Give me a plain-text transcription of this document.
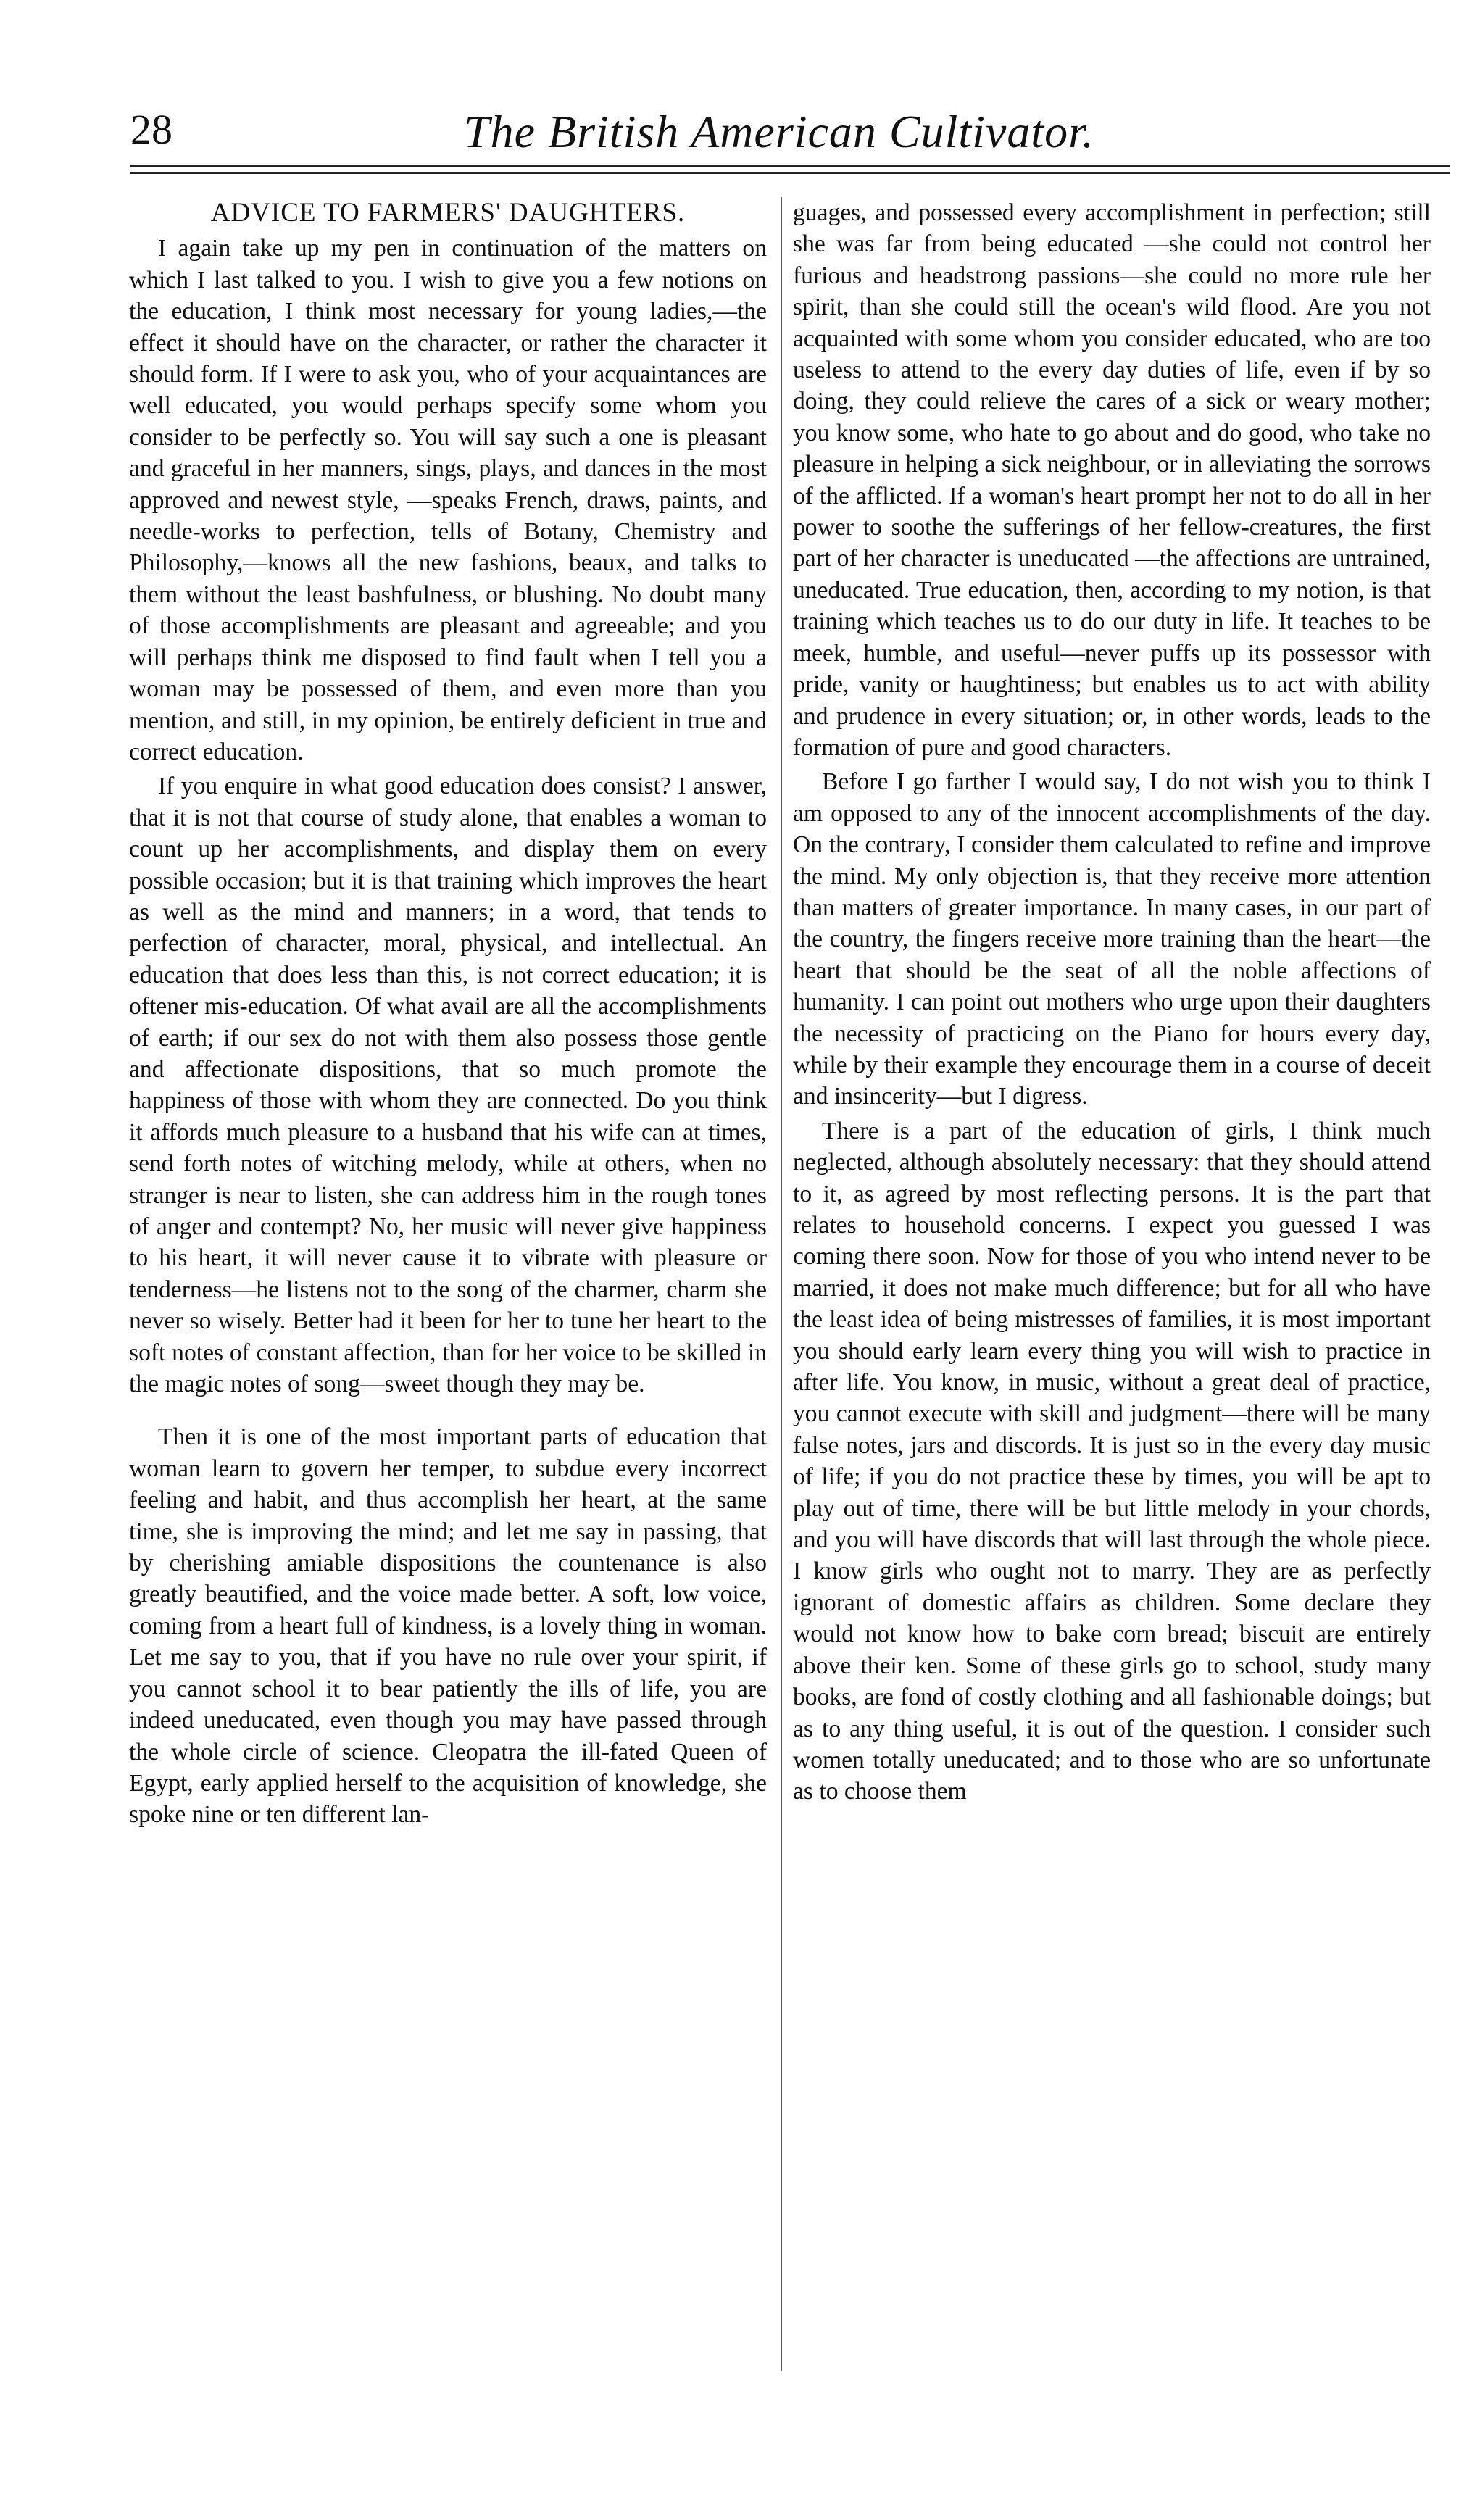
28	The British American Cultivator.
ADVICE TO FARMERS' DAUGHTERS.

I again take up my pen in continuation of the matters on which I last talked to you. I wish to give you a few notions on the education, I think most necessary for young ladies,—the effect it should have on the character, or rather the character it should form. If I were to ask you, who of your acquaintances are well educated, you would perhaps specify some whom you consider to be perfectly so. You will say such a one is pleasant and graceful in her manners, sings, plays, and dances in the most approved and newest style, —speaks French, draws, paints, and needle-works to perfection, tells of Botany, Chemistry and Philosophy,—knows all the new fashions, beaux, and talks to them without the least bashfulness, or blushing. No doubt many of those accomplishments are pleasant and agreeable; and you will perhaps think me disposed to find fault when I tell you a woman may be possessed of them, and even more than you mention, and still, in my opinion, be entirely deficient in true and correct education.

If you enquire in what good education does consist? I answer, that it is not that course of study alone, that enables a woman to count up her accomplishments, and display them on every possible occasion; but it is that training which improves the heart as well as the mind and manners; in a word, that tends to perfection of character, moral, physical, and intellectual. An education that does less than this, is not correct education; it is oftener mis-education. Of what avail are all the accomplishments of earth; if our sex do not with them also possess those gentle and affectionate dispositions, that so much promote the happiness of those with whom they are connected. Do you think it affords much pleasure to a husband that his wife can at times, send forth notes of witching melody, while at others, when no stranger is near to listen, she can address him in the rough tones of anger and contempt? No, her music will never give happiness to his heart, it will never cause it to vibrate with pleasure or tenderness—he listens not to the song of the charmer, charm she never so wisely. Better had it been for her to tune her heart to the soft notes of constant affection, than for her voice to be skilled in the magic notes of song—sweet though they may be.

Then it is one of the most important parts of education that woman learn to govern her temper, to subdue every incorrect feeling and habit, and thus accomplish her heart, at the same time, she is improving the mind; and let me say in passing, that by cherishing amiable dispositions the countenance is also greatly beautified, and the voice made better. A soft, low voice, coming from a heart full of kindness, is a lovely thing in woman. Let me say to you, that if you have no rule over your spirit, if you cannot school it to bear patiently the ills of life, you are indeed uneducated, even though you may have passed through the whole circle of science. Cleopatra the ill-fated Queen of Egypt, early applied herself to the acquisition of knowledge, she spoke nine or ten different lan-

guages, and possessed every accomplishment in perfection; still she was far from being educated —she could not control her furious and headstrong passions—she could no more rule her spirit, than she could still the ocean's wild flood. Are you not acquainted with some whom you consider educated, who are too useless to attend to the every day duties of life, even if by so doing, they could relieve the cares of a sick or weary mother; you know some, who hate to go about and do good, who take no pleasure in helping a sick neighbour, or in alleviating the sorrows of the afflicted. If a woman's heart prompt her not to do all in her power to soothe the sufferings of her fellow-creatures, the first part of her character is uneducated —the affections are untrained, uneducated. True education, then, according to my notion, is that training which teaches us to do our duty in life. It teaches to be meek, humble, and useful—never puffs up its possessor with pride, vanity or haughtiness; but enables us to act with ability and prudence in every situation; or, in other words, leads to the formation of pure and good characters.

Before I go farther I would say, I do not wish you to think I am opposed to any of the innocent accomplishments of the day. On the contrary, I consider them calculated to refine and improve the mind. My only objection is, that they receive more attention than matters of greater importance. In many cases, in our part of the country, the fingers receive more training than the heart—the heart that should be the seat of all the noble affections of humanity. I can point out mothers who urge upon their daughters the necessity of practicing on the Piano for hours every day, while by their example they encourage them in a course of deceit and insincerity—but I digress.

There is a part of the education of girls, I think much neglected, although absolutely necessary: that they should attend to it, as agreed by most reflecting persons. It is the part that relates to household concerns. I expect you guessed I was coming there soon. Now for those of you who intend never to be married, it does not make much difference; but for all who have the least idea of being mistresses of families, it is most important you should early learn every thing you will wish to practice in after life. You know, in music, without a great deal of practice, you cannot execute with skill and judgment—there will be many false notes, jars and discords. It is just so in the every day music of life; if you do not practice these by times, you will be apt to play out of time, there will be but little melody in your chords, and you will have discords that will last through the whole piece. I know girls who ought not to marry. They are as perfectly ignorant of domestic affairs as children. Some declare they would not know how to bake corn bread; biscuit are entirely above their ken. Some of these girls go to school, study many books, are fond of costly clothing and all fashionable doings; but as to any thing useful, it is out of the question. I consider such women totally uneducated; and to those who are so unfortunate as to choose them
